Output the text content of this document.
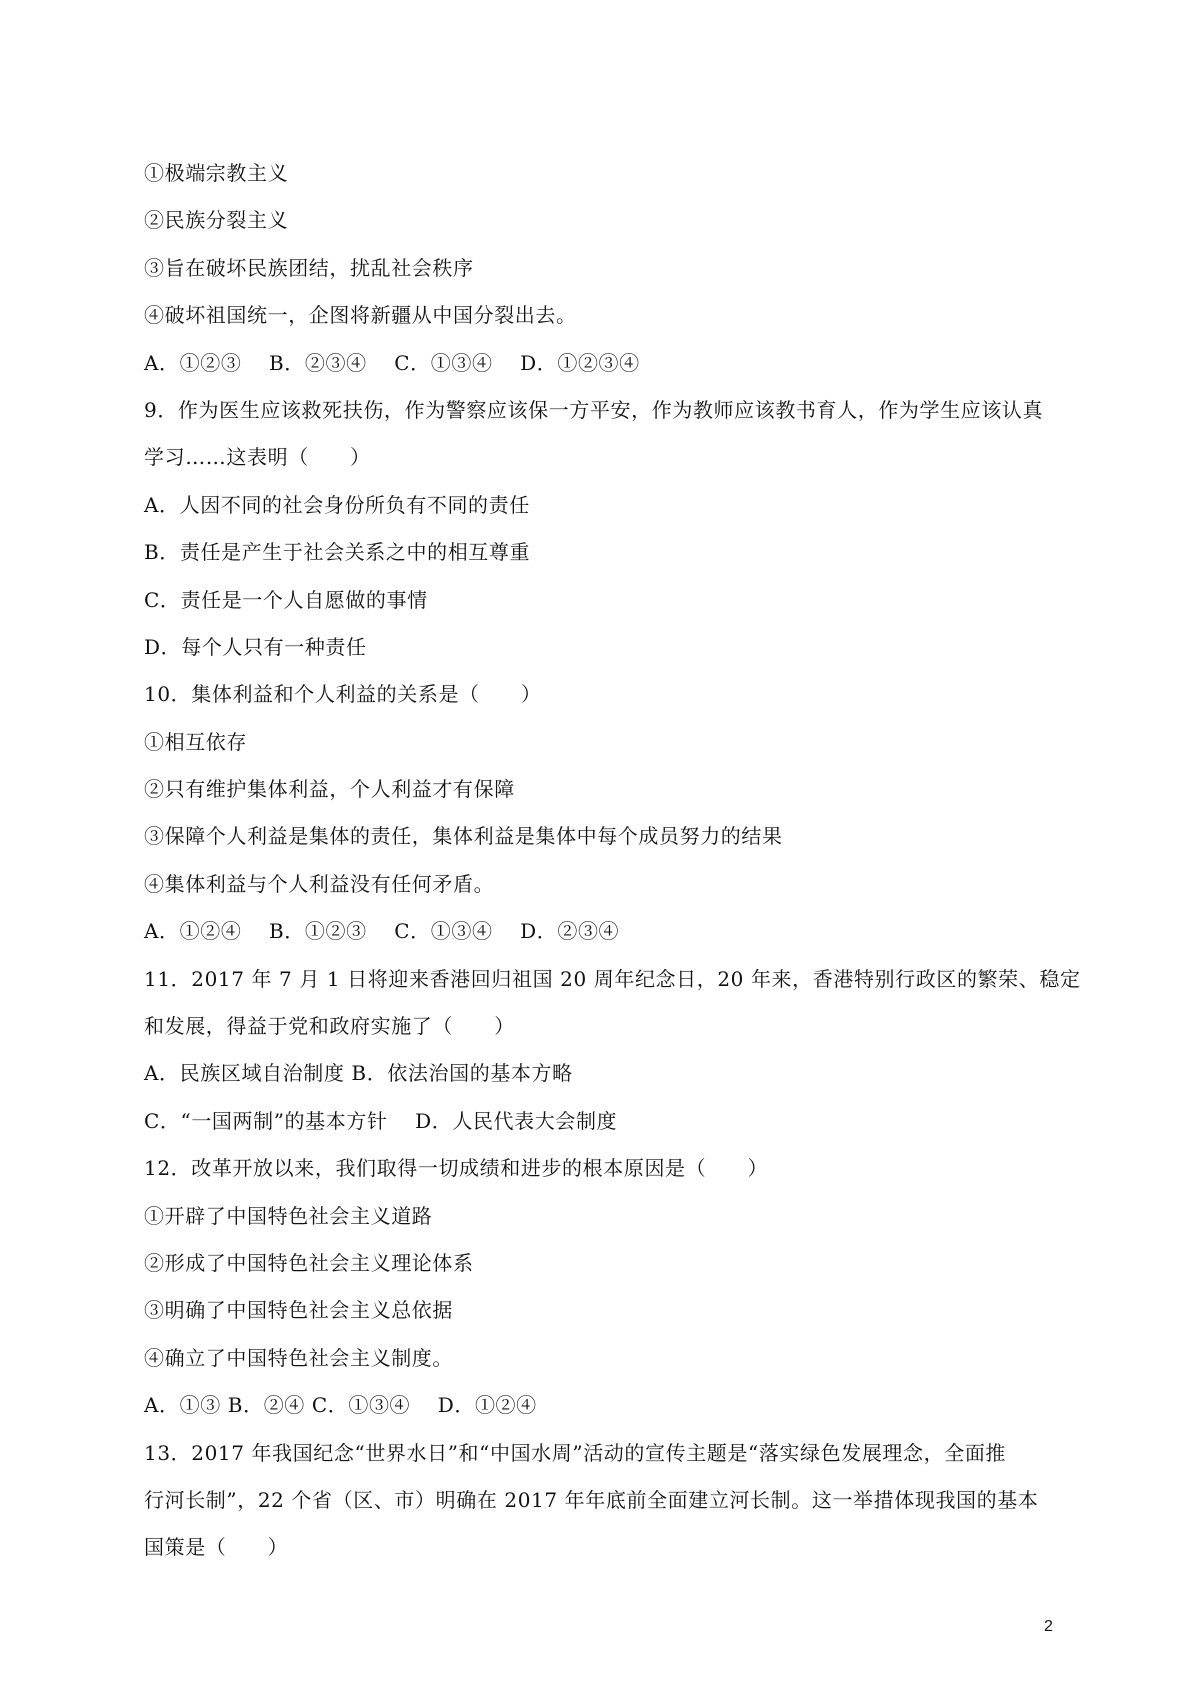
①极端宗教主义
②民族分裂主义
③旨在破坏民族团结，扰乱社会秩序
④破坏祖国统一，企图将新疆从中国分裂出去。
A．①②③　 B．②③④　 C．①③④　 D．①②③④
9．作为医生应该救死扶伤，作为警察应该保一方平安，作为教师应该教书育人，作为学生应该认真
学习……这表明（　　）
A．人因不同的社会身份所负有不同的责任
B．责任是产生于社会关系之中的相互尊重
C．责任是一个人自愿做的事情
D．每个人只有一种责任
10．集体利益和个人利益的关系是（　　）
①相互依存
②只有维护集体利益，个人利益才有保障
③保障个人利益是集体的责任，集体利益是集体中每个成员努力的结果
④集体利益与个人利益没有任何矛盾。
A．①②④　 B．①②③　 C．①③④　 D．②③④
11．2017 年 7 月 1 日将迎来香港回归祖国 20 周年纪念日，20 年来，香港特别行政区的繁荣、稳定
和发展，得益于党和政府实施了（　　）
A．民族区域自治制度 B．依法治国的基本方略
C．“一国两制”的基本方针　 D．人民代表大会制度
12．改革开放以来，我们取得一切成绩和进步的根本原因是（　　）
①开辟了中国特色社会主义道路
②形成了中国特色社会主义理论体系
③明确了中国特色社会主义总依据
④确立了中国特色社会主义制度。
A．①③ B．②④ C．①③④　 D．①②④
13．2017 年我国纪念“世界水日”和“中国水周”活动的宣传主题是“落实绿色发展理念，全面推
行河长制”，22 个省（区、市）明确在 2017 年年底前全面建立河长制。这一举措体现我国的基本
国策是（　　）
2
